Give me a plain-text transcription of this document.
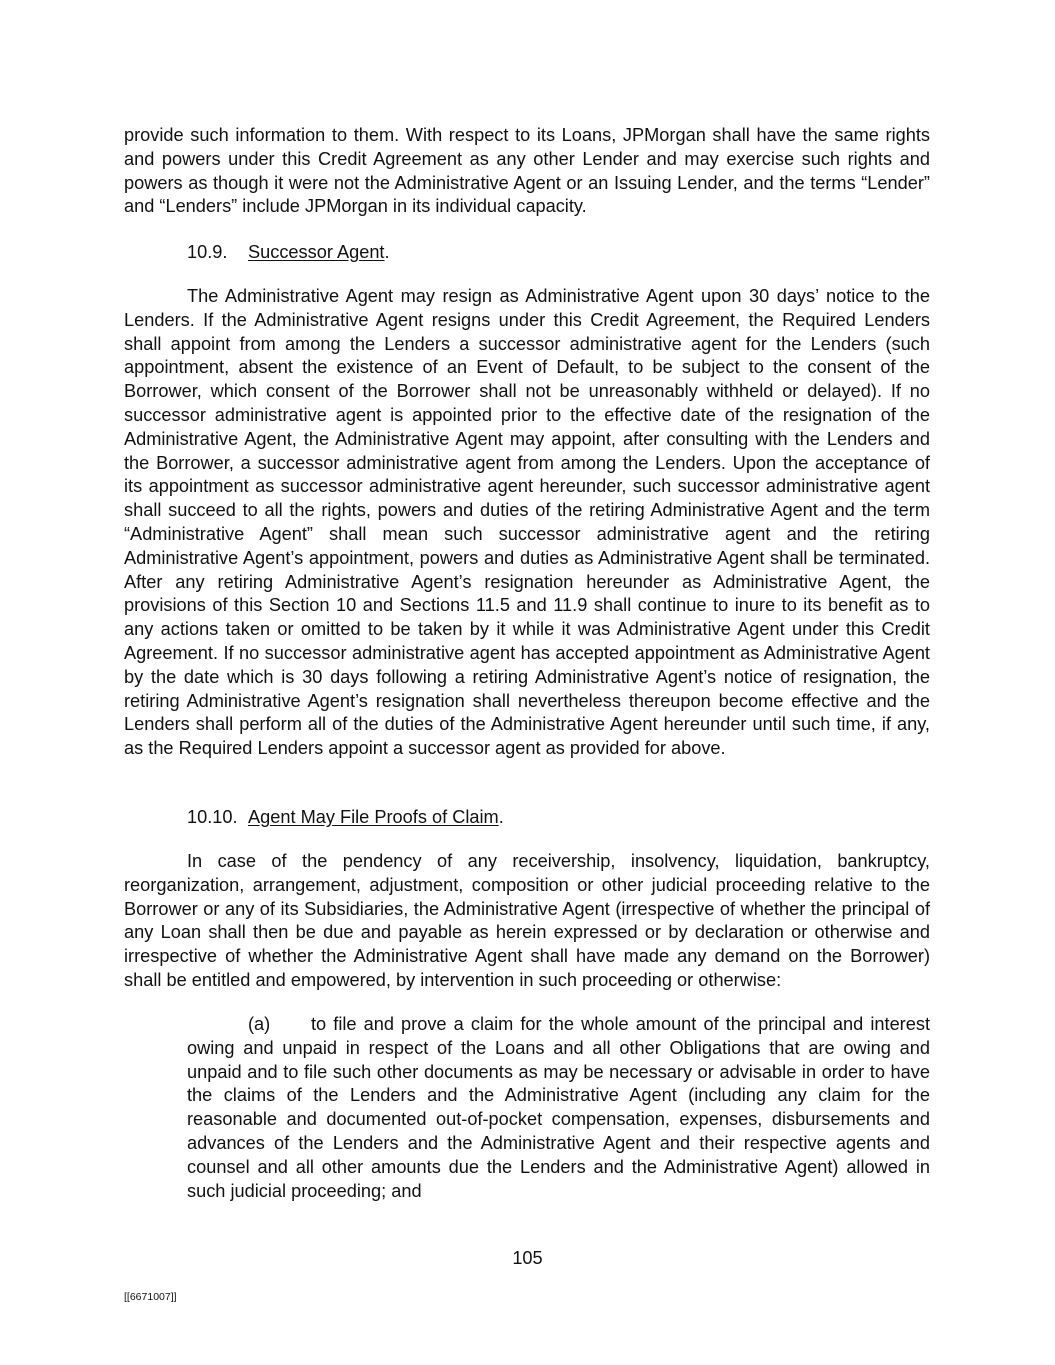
provide such information to them. With respect to its Loans, JPMorgan shall have the same rights and powers under this Credit Agreement as any other Lender and may exercise such rights and powers as though it were not the Administrative Agent or an Issuing Lender, and the terms “Lender” and “Lenders” include JPMorgan in its individual capacity.

10.9. Successor Agent.

The Administrative Agent may resign as Administrative Agent upon 30 days’ notice to the Lenders. If the Administrative Agent resigns under this Credit Agreement, the Required Lenders shall appoint from among the Lenders a successor administrative agent for the Lenders (such appointment, absent the existence of an Event of Default, to be subject to the consent of the Borrower, which consent of the Borrower shall not be unreasonably withheld or delayed). If no successor administrative agent is appointed prior to the effective date of the resignation of the Administrative Agent, the Administrative Agent may appoint, after consulting with the Lenders and the Borrower, a successor administrative agent from among the Lenders. Upon the acceptance of its appointment as successor administrative agent hereunder, such successor administrative agent shall succeed to all the rights, powers and duties of the retiring Administrative Agent and the term “Administrative Agent” shall mean such successor administrative agent and the retiring Administrative Agent’s appointment, powers and duties as Administrative Agent shall be terminated. After any retiring Administrative Agent’s resignation hereunder as Administrative Agent, the provisions of this Section 10 and Sections 11.5 and 11.9 shall continue to inure to its benefit as to any actions taken or omitted to be taken by it while it was Administrative Agent under this Credit Agreement. If no successor administrative agent has accepted appointment as Administrative Agent by the date which is 30 days following a retiring Administrative Agent’s notice of resignation, the retiring Administrative Agent’s resignation shall nevertheless thereupon become effective and the Lenders shall perform all of the duties of the Administrative Agent hereunder until such time, if any, as the Required Lenders appoint a successor agent as provided for above.

10.10. Agent May File Proofs of Claim.

In case of the pendency of any receivership, insolvency, liquidation, bankruptcy, reorganization, arrangement, adjustment, composition or other judicial proceeding relative to the Borrower or any of its Subsidiaries, the Administrative Agent (irrespective of whether the principal of any Loan shall then be due and payable as herein expressed or by declaration or otherwise and irrespective of whether the Administrative Agent shall have made any demand on the Borrower) shall be entitled and empowered, by intervention in such proceeding or otherwise:

(a) to file and prove a claim for the whole amount of the principal and interest owing and unpaid in respect of the Loans and all other Obligations that are owing and unpaid and to file such other documents as may be necessary or advisable in order to have the claims of the Lenders and the Administrative Agent (including any claim for the reasonable and documented out-of-pocket compensation, expenses, disbursements and advances of the Lenders and the Administrative Agent and their respective agents and counsel and all other amounts due the Lenders and the Administrative Agent) allowed in such judicial proceeding; and

105
[[6671007]]
